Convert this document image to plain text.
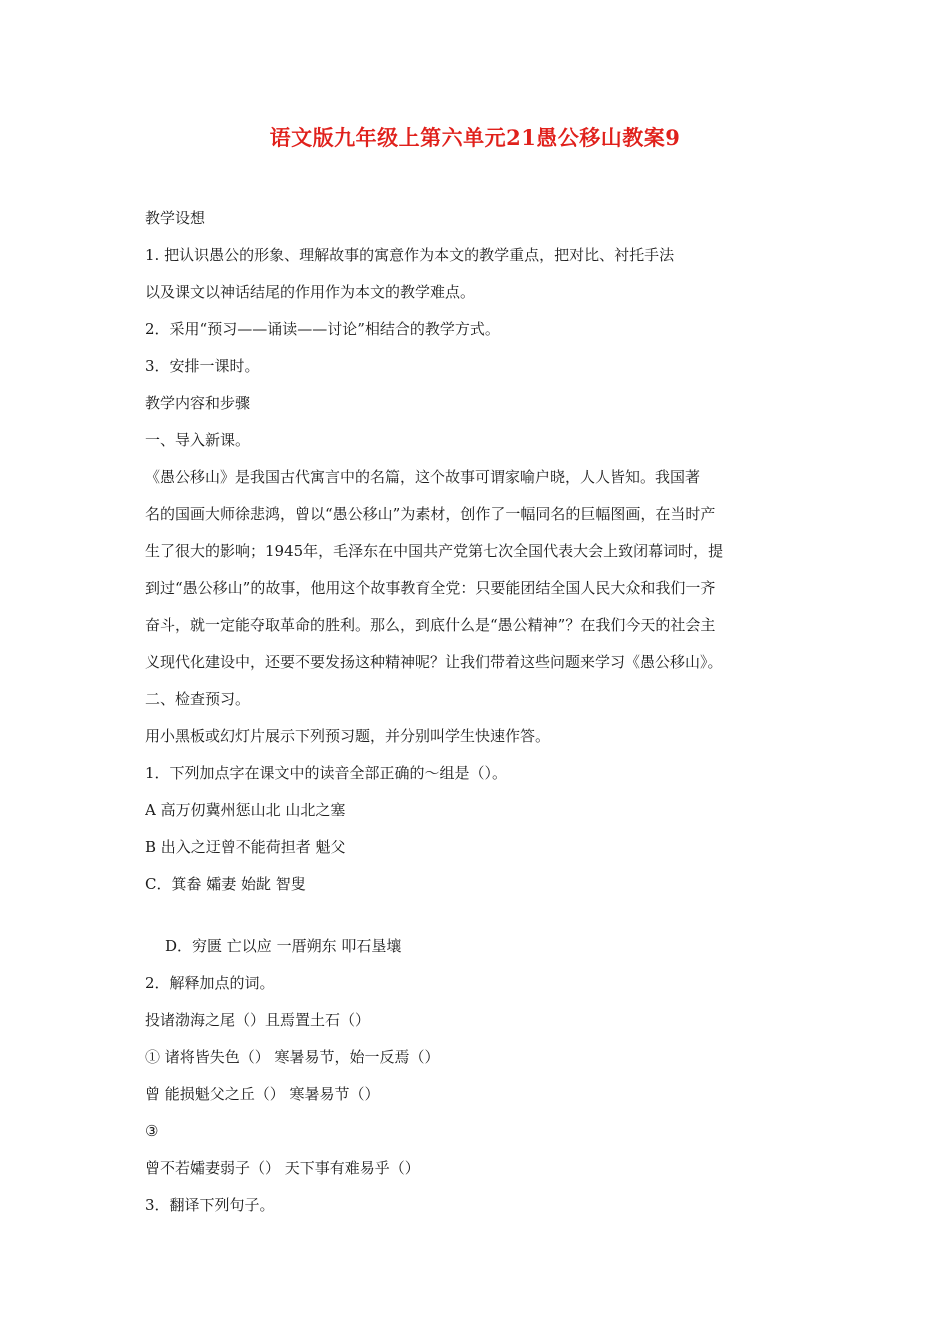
语文版九年级上第六单元21愚公移山教案9
教学设想
1. 把认识愚公的形象、理解故事的寓意作为本文的教学重点，把对比、衬托手法
以及课文以神话结尾的作用作为本文的教学难点。
2．采用“预习——诵读——讨论”相结合的教学方式。
3．安排一课时。
教学内容和步骤
一、导入新课。
《愚公移山》是我国古代寓言中的名篇，这个故事可谓家喻户晓，人人皆知。我国著
名的国画大师徐悲鸿，曾以“愚公移山”为素材，创作了一幅同名的巨幅图画，在当时产
生了很大的影响；1945年，毛泽东在中国共产党第七次全国代表大会上致闭幕词时，提
到过“愚公移山”的故事，他用这个故事教育全党：只要能团结全国人民大众和我们一齐
奋斗，就一定能夺取革命的胜利。那么，到底什么是“愚公精神”？在我们今天的社会主
义现代化建设中，还要不要发扬这种精神呢？让我们带着这些问题来学习《愚公移山》。
二、检查预习。
用小黑板或幻灯片展示下列预习题，并分别叫学生快速作答。
1．下列加点字在课文中的读音全部正确的～组是（）。
A 高万仞冀州惩山北 山北之塞
B 出入之迂曾不能荷担者 魁父
C．箕畚 孀妻 始龀 智叟
D．穷匮 亡以应 一厝朔东 叩石垦壤
2．解释加点的词。
投诸渤海之尾（）且焉置土石（）
① 诸将皆失色（） 寒暑易节，始一反焉（）
曾 能损魁父之丘（） 寒暑易节（）
③
曾不若孀妻弱子（） 天下事有难易乎（）
3．翻译下列句子。
